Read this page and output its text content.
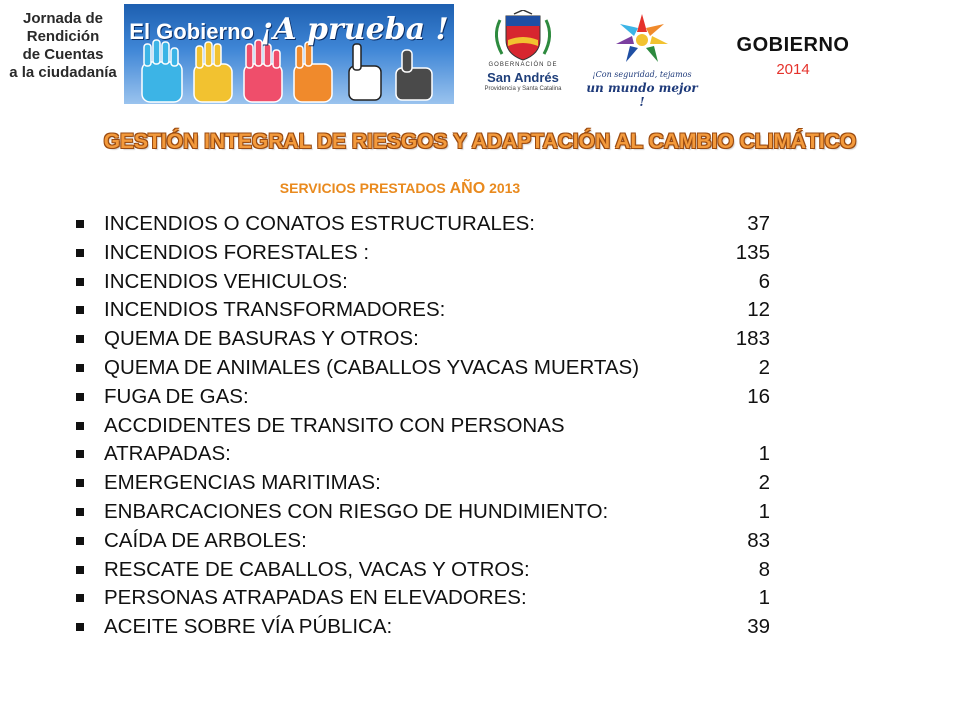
Jornada de
Rendición
de Cuentas
a la ciudadanía
El Gobierno ¡A prueba !
GOBERNACIÓN DE
San Andrés
Providencia y Santa Catalina
¡Con seguridad, tejamos
un mundo mejor !
GOBIERNO
2014
GESTIÓN INTEGRAL DE RIESGOS Y ADAPTACIÓN AL CAMBIO CLIMÁTICO
SERVICIOS PRESTADOS AÑO 2013
INCENDIOS O CONATOS ESTRUCTURALES:	37
INCENDIOS FORESTALES :	135
INCENDIOS VEHICULOS:	6
INCENDIOS TRANSFORMADORES:	12
QUEMA DE BASURAS Y OTROS:	183
QUEMA DE ANIMALES (CABALLOS YVACAS MUERTAS)	2
FUGA DE GAS:	16
ACCDIDENTES DE TRANSITO CON PERSONAS
ATRAPADAS:	1
EMERGENCIAS MARITIMAS:	2
ENBARCACIONES CON RIESGO DE HUNDIMIENTO:	1
CAÍDA DE ARBOLES:	83
RESCATE DE CABALLOS, VACAS Y OTROS:	8
PERSONAS ATRAPADAS EN ELEVADORES:	1
ACEITE SOBRE VÍA PÚBLICA:	39
